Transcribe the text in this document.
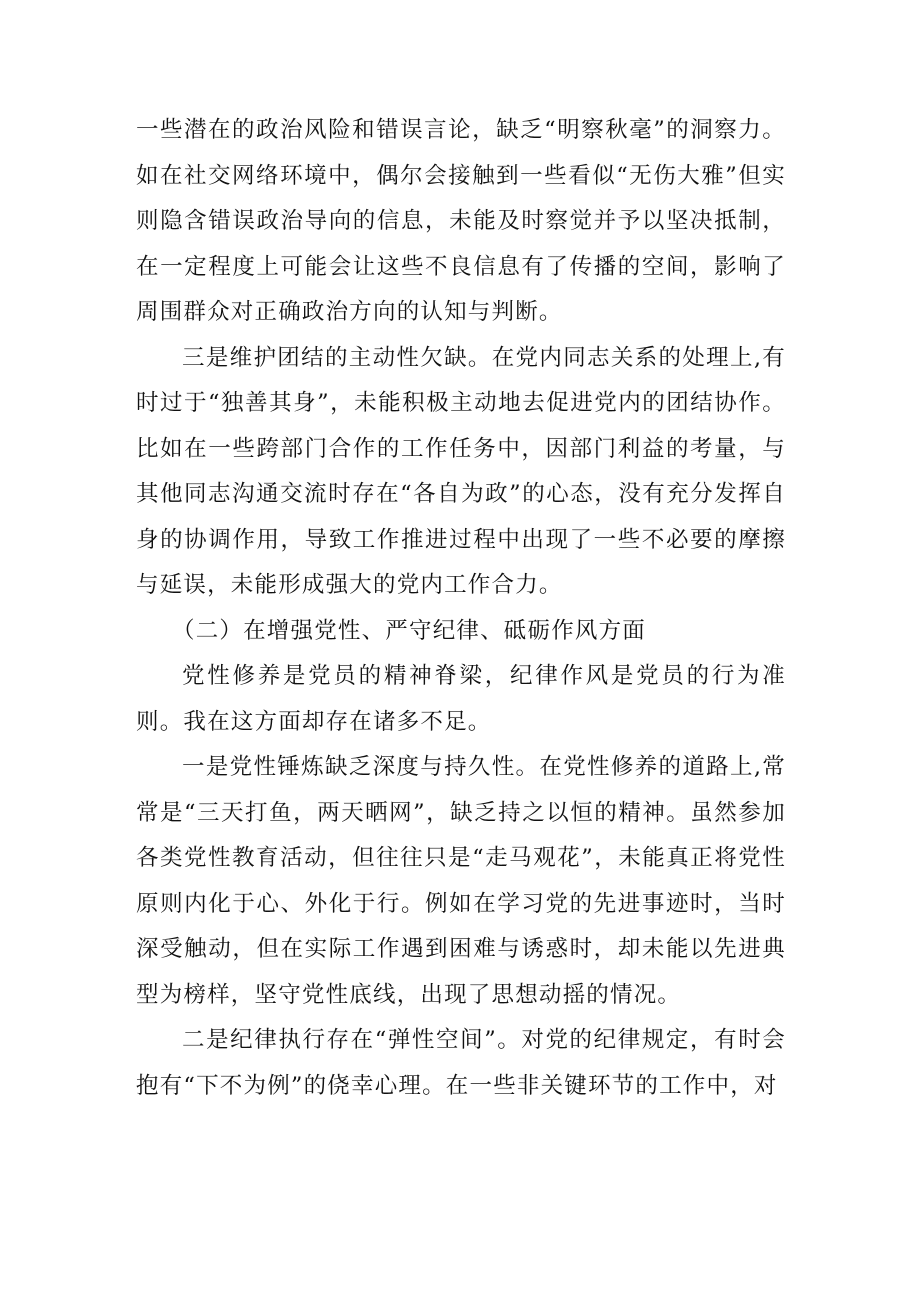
一些潜在的政治风险和错误言论，缺乏“明察秋毫”的洞察力。如在社交网络环境中，偶尔会接触到一些看似“无伤大雅”但实则隐含错误政治导向的信息，未能及时察觉并予以坚决抵制，在一定程度上可能会让这些不良信息有了传播的空间，影响了周围群众对正确政治方向的认知与判断。

三是维护团结的主动性欠缺。在党内同志关系的处理上,有时过于“独善其身”，未能积极主动地去促进党内的团结协作。比如在一些跨部门合作的工作任务中，因部门利益的考量，与其他同志沟通交流时存在“各自为政”的心态，没有充分发挥自身的协调作用，导致工作推进过程中出现了一些不必要的摩擦与延误，未能形成强大的党内工作合力。

（二）在增强党性、严守纪律、砥砺作风方面

党性修养是党员的精神脊梁，纪律作风是党员的行为准则。我在这方面却存在诸多不足。

一是党性锤炼缺乏深度与持久性。在党性修养的道路上,常常是“三天打鱼，两天晒网”，缺乏持之以恒的精神。虽然参加各类党性教育活动，但往往只是“走马观花”，未能真正将党性原则内化于心、外化于行。例如在学习党的先进事迹时，当时深受触动，但在实际工作遇到困难与诱惑时，却未能以先进典型为榜样，坚守党性底线，出现了思想动摇的情况。

二是纪律执行存在“弹性空间”。对党的纪律规定，有时会抱有“下不为例”的侥幸心理。在一些非关键环节的工作中，对
